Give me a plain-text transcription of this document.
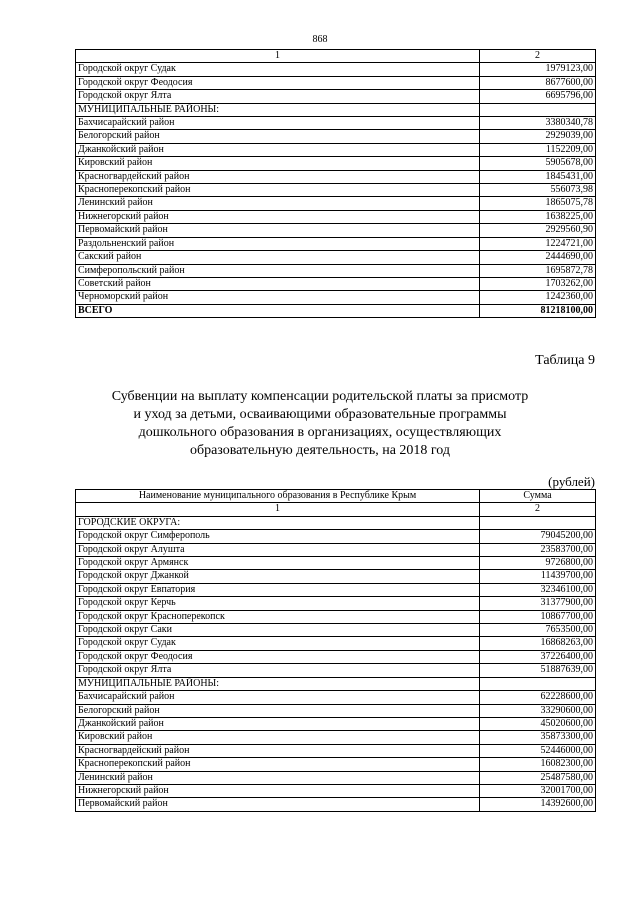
868
1	2
Городской округ Судак	1979123,00
Городской округ Феодосия	8677600,00
Городской округ Ялта	6695796,00
МУНИЦИПАЛЬНЫЕ РАЙОНЫ:	
Бахчисарайский район	3380340,78
Белогорский район	2929039,00
Джанкойский район	1152209,00
Кировский район	5905678,00
Красногвардейский район	1845431,00
Красноперекопский район	556073,98
Ленинский район	1865075,78
Нижнегорский район	1638225,00
Первомайский район	2929560,90
Раздольненский район	1224721,00
Сакский район	2444690,00
Симферопольский район	1695872,78
Советский район	1703262,00
Черноморский район	1242360,00
ВСЕГО	81218100,00
Таблица 9
Субвенции на выплату компенсации родительской платы за присмотр
и уход за детьми, осваивающими образовательные программы
дошкольного образования в организациях, осуществляющих
образовательную деятельность, на 2018 год
(рублей)
Наименование муниципального образования в Республике Крым	Сумма
1	2
ГОРОДСКИЕ ОКРУГА:	
Городской округ Симферополь	79045200,00
Городской округ Алушта	23583700,00
Городской округ Армянск	9726800,00
Городской округ Джанкой	11439700,00
Городской округ Евпатория	32346100,00
Городской округ Керчь	31377900,00
Городской округ Красноперекопск	10867700,00
Городской округ Саки	7653500,00
Городской округ Судак	16868263,00
Городской округ Феодосия	37226400,00
Городской округ Ялта	51887639,00
МУНИЦИПАЛЬНЫЕ РАЙОНЫ:	
Бахчисарайский район	62228600,00
Белогорский район	33290600,00
Джанкойский район	45020600,00
Кировский район	35873300,00
Красногвардейский район	52446000,00
Красноперекопский район	16082300,00
Ленинский район	25487580,00
Нижнегорский район	32001700,00
Первомайский район	14392600,00
